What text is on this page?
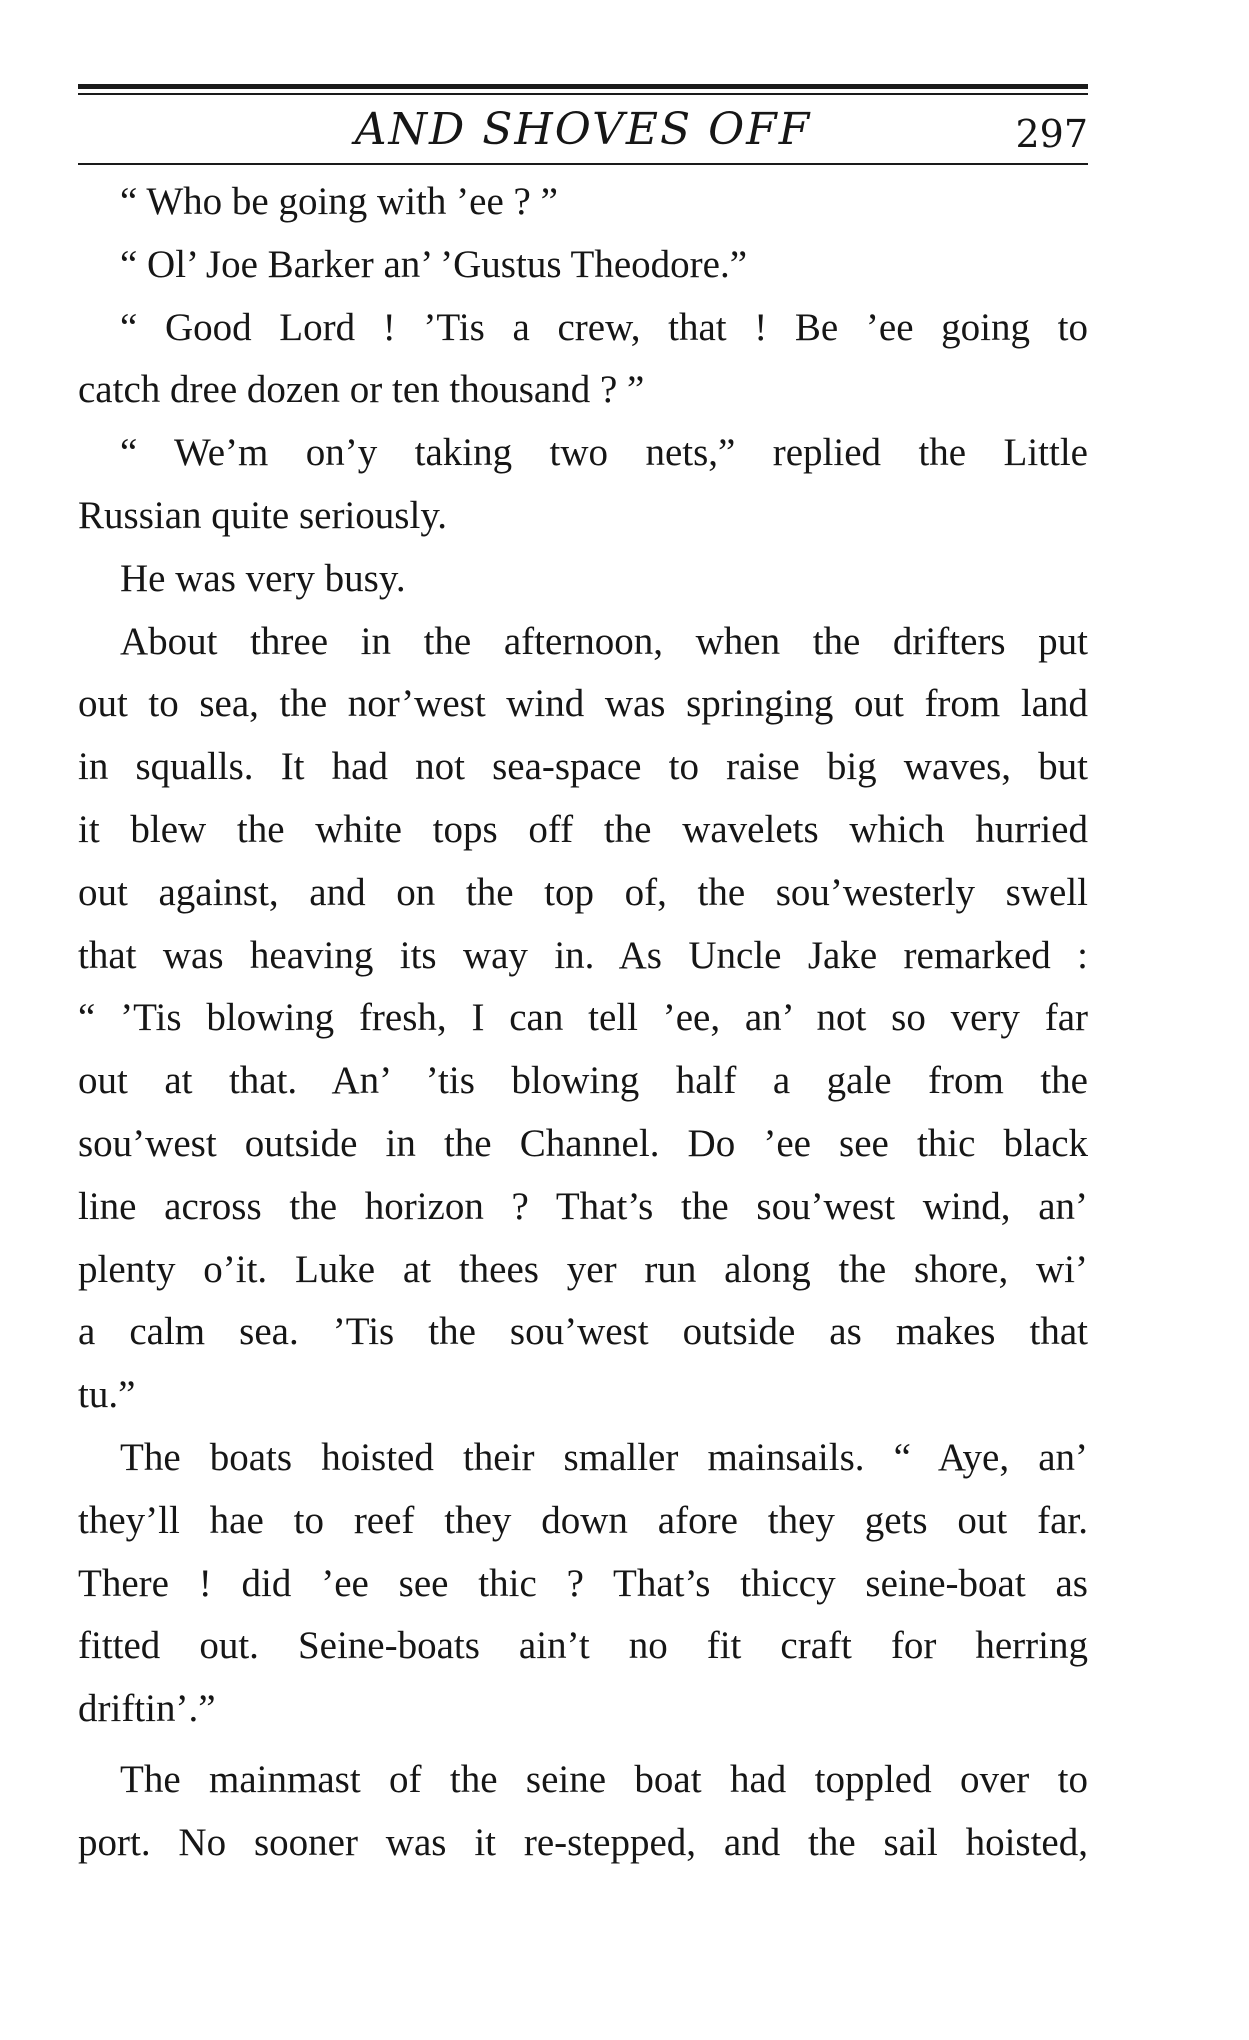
AND SHOVES OFF	297
“ Who be going with ’ee ? ”
“ Ol’ Joe Barker an’ ’Gustus Theodore.”
“ Good Lord ! ’Tis a crew, that ! Be ’ee going to
catch dree dozen or ten thousand ? ”
“ We’m on’y taking two nets,” replied the Little
Russian quite seriously.
He was very busy.
About three in the afternoon, when the drifters put
out to sea, the nor’west wind was springing out from land
in squalls. It had not sea-space to raise big waves, but
it blew the white tops off the wavelets which hurried
out against, and on the top of, the sou’westerly swell
that was heaving its way in. As Uncle Jake remarked :
“ ’Tis blowing fresh, I can tell ’ee, an’ not so very far
out at that. An’ ’tis blowing half a gale from the
sou’west outside in the Channel. Do ’ee see thic black
line across the horizon ? That’s the sou’west wind, an’
plenty o’it. Luke at thees yer run along the shore, wi’
a calm sea. ’Tis the sou’west outside as makes that
tu.”
The boats hoisted their smaller mainsails. “ Aye, an’
they’ll hae to reef they down afore they gets out far.
There ! did ’ee see thic ? That’s thiccy seine-boat as
fitted out. Seine-boats ain’t no fit craft for herring
driftin’.”
The mainmast of the seine boat had toppled over to
port. No sooner was it re-stepped, and the sail hoisted,
